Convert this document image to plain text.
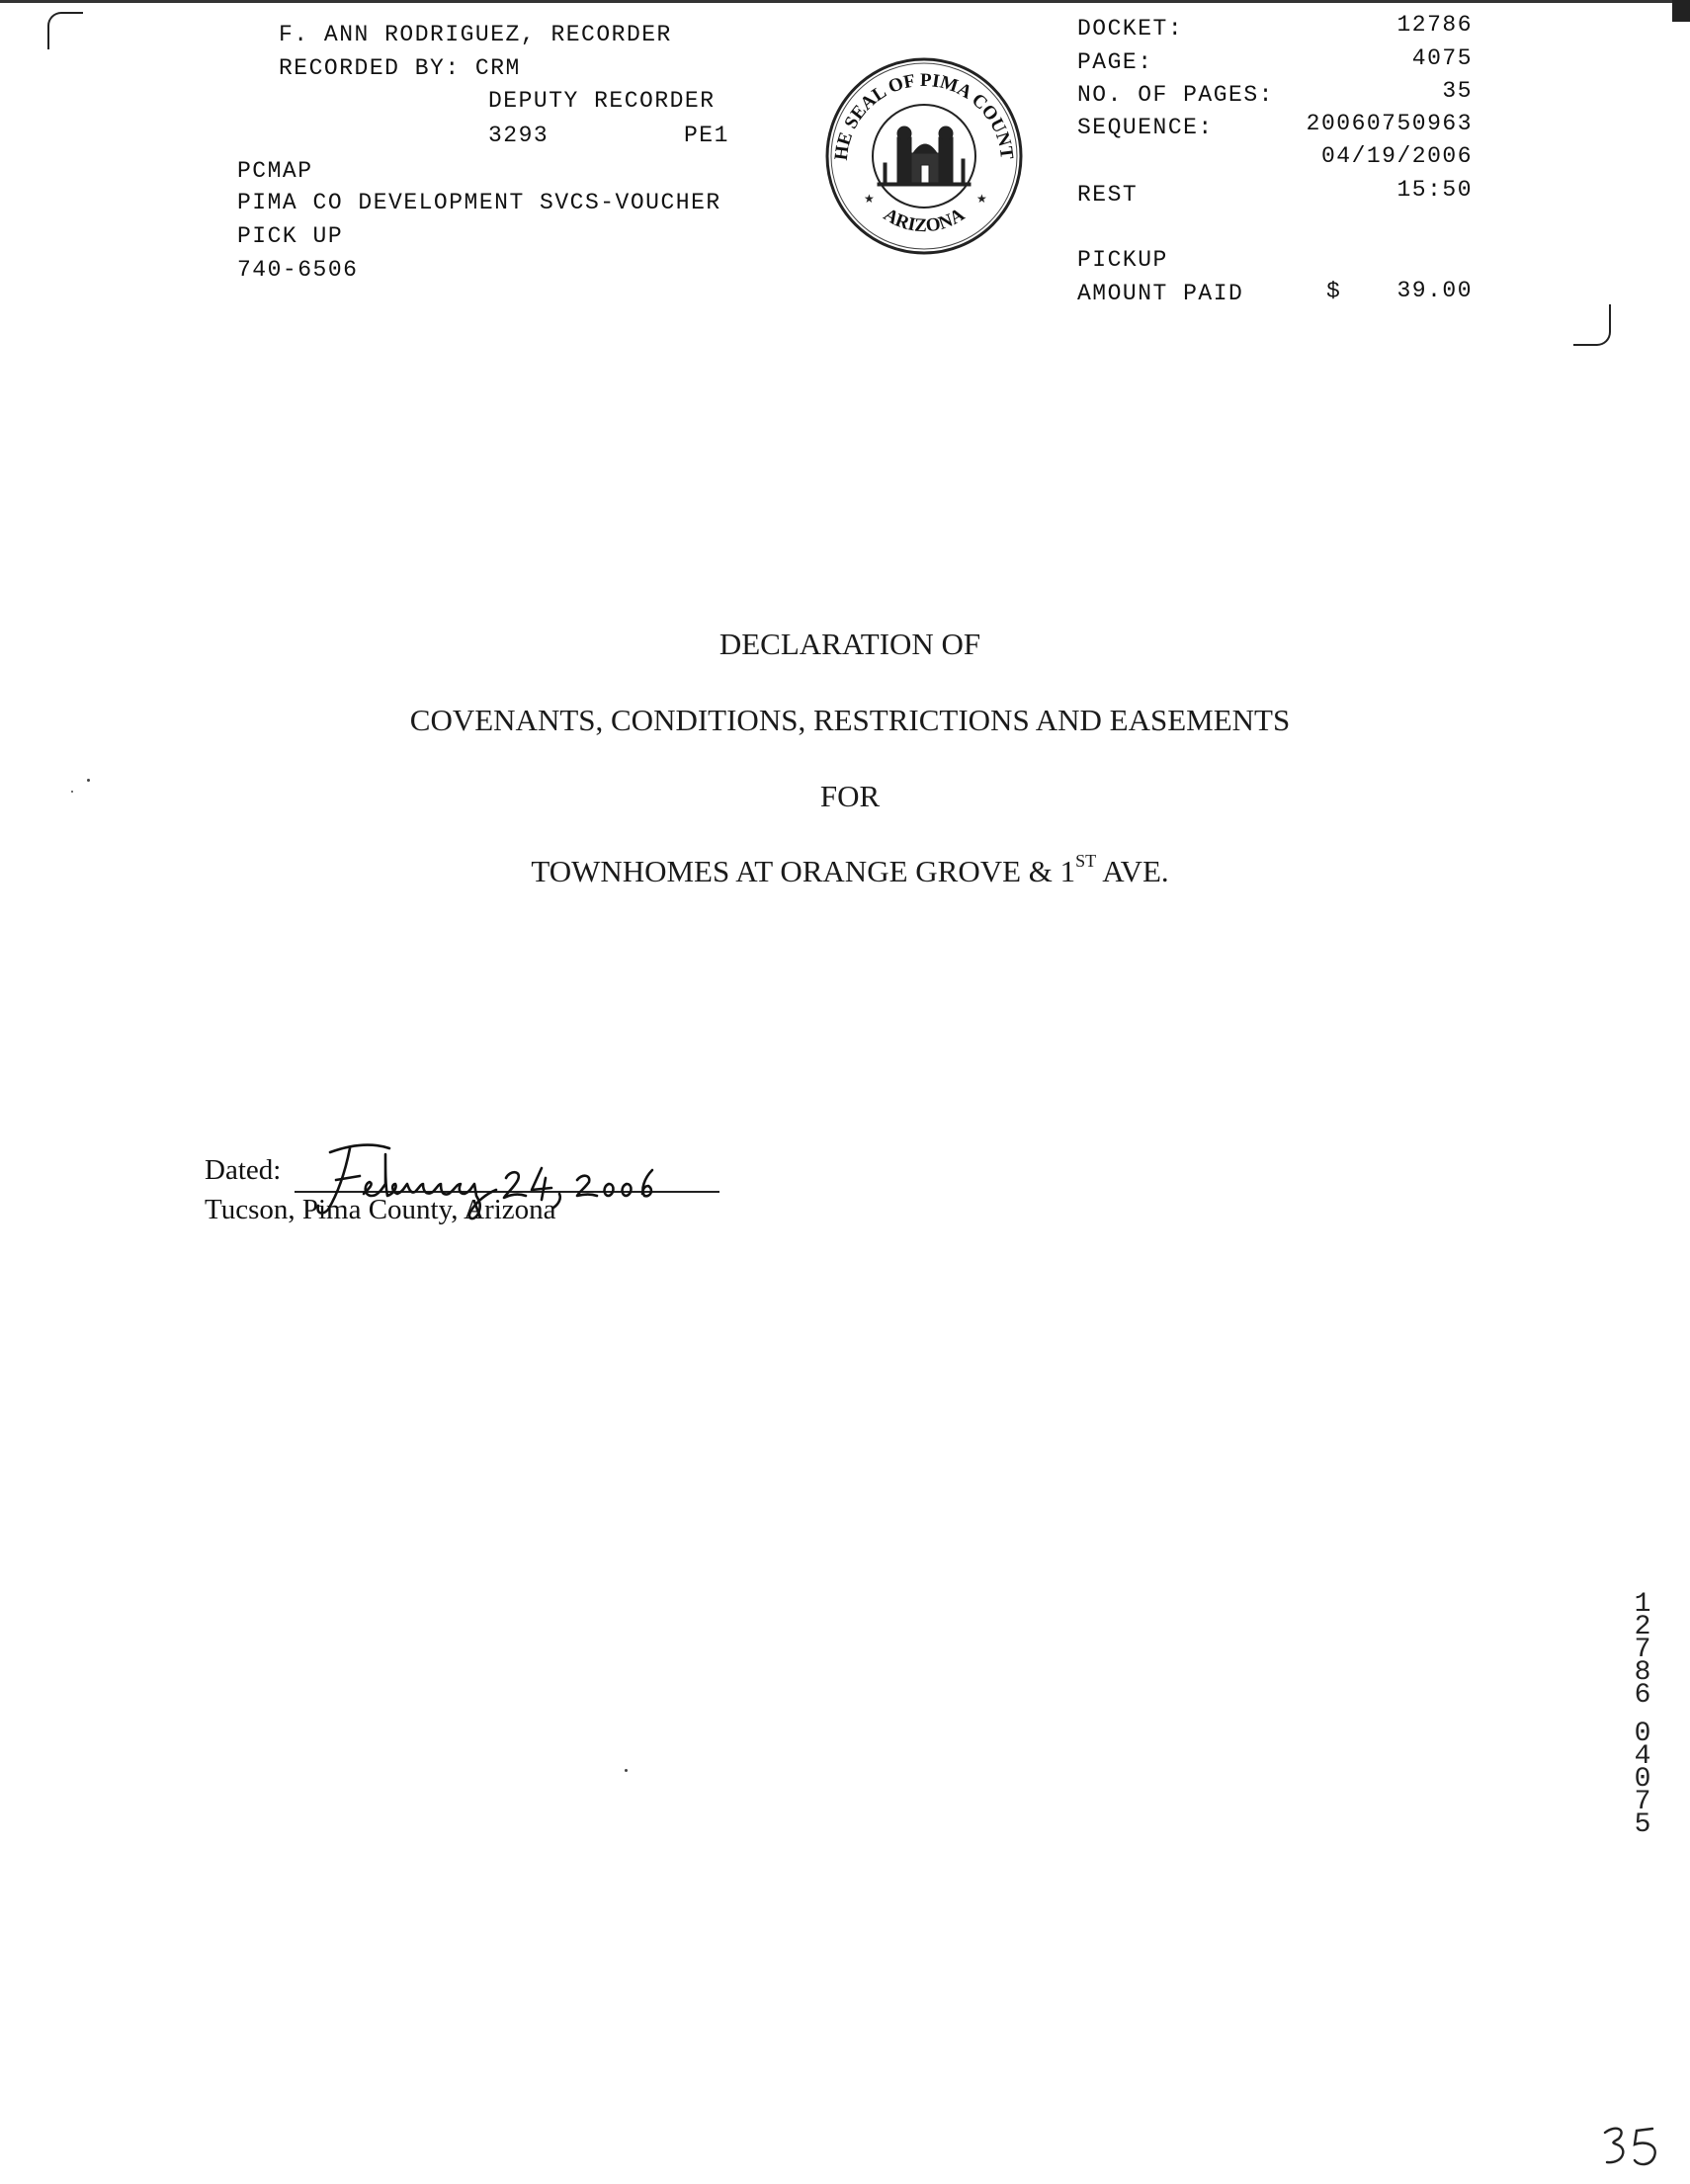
F. ANN RODRIGUEZ, RECORDER
RECORDED BY: CRM
DEPUTY RECORDER
3293	PE1
PCMAP
PIMA CO DEVELOPMENT SVCS-VOUCHER
PICK UP
740-6506
HE SEAL OF PIMA COUNT
ARIZONA
★	★
DOCKET:	12786
PAGE:	4075
NO. OF PAGES:	35
SEQUENCE:	20060750963
04/19/2006
REST	15:50
PICKUP
AMOUNT PAID	$	39.00
DECLARATION OF
COVENANTS, CONDITIONS, RESTRICTIONS AND EASEMENTS
FOR
TOWNHOMES AT ORANGE GROVE & 1ST AVE.
Dated:
Tucson, Pima County, Arizona
1
2
7
8
6
0
4
0
7
5
